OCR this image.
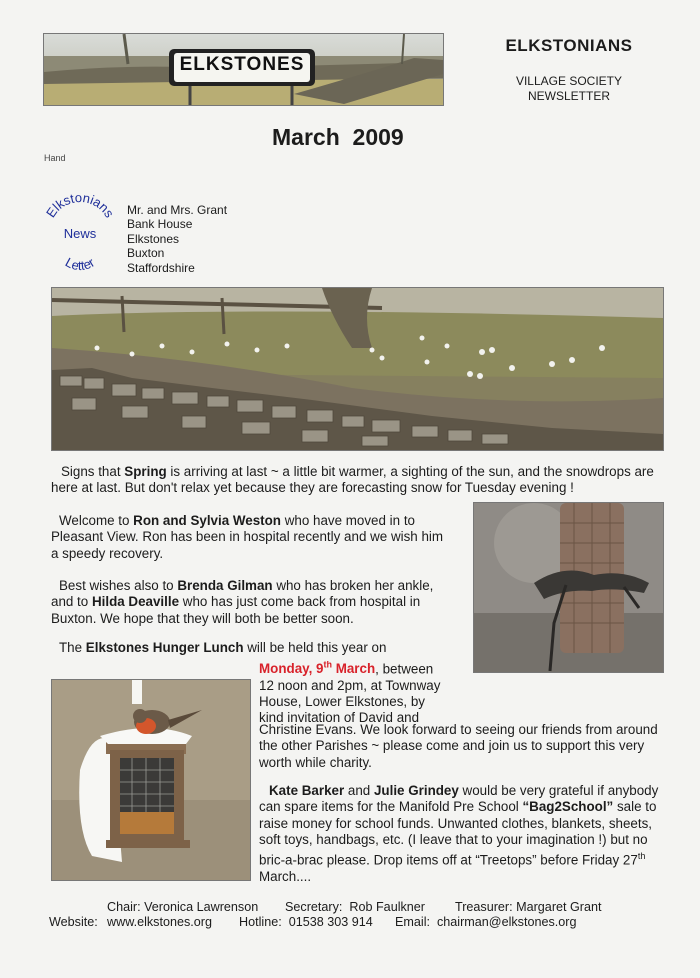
ELKSTONES
ELKSTONIANS
VILLAGE SOCIETY
NEWSLETTER
March  2009
Hand
Elkstonians
News
Letter
Mr. and Mrs. Grant
Bank House
Elkstones
Buxton
Staffordshire
Signs that Spring is arriving at last ~ a little bit warmer, a sighting of the sun, and the snowdrops are here at last. But don't relax yet because they are forecasting snow for Tuesday evening !
Welcome to Ron and Sylvia Weston who have moved in to Pleasant View. Ron has been in hospital recently and we wish him a speedy recovery.
Best wishes also to Brenda Gilman who has broken her ankle, and to Hilda Deaville who has just come back from hospital in Buxton. We hope that they will both be better soon.
The Elkstones Hunger Lunch will be held this year on
Monday, 9th March, between
12 noon and 2pm, at Townway
House, Lower Elkstones, by
kind invitation of David and
Christine Evans. We look forward to seeing our friends from around the other Parishes ~ please come and join us to support this very worth while charity.
Kate Barker and Julie Grindey would be very grateful if anybody can spare items for the Manifold Pre School “Bag2School” sale to raise money for school funds. Unwanted clothes, blankets, sheets, soft toys, handbags, etc. (I leave that to your imagination !) but no bric-a-brac please. Drop items off at “Treetops” before Friday 27th March....
Chair: Veronica Lawrenson Secretary:  Rob Faulkner Treasurer: Margaret Grant
Website: www.elkstones.org Hotline:  01538 303 914 Email:  chairman@elkstones.org
